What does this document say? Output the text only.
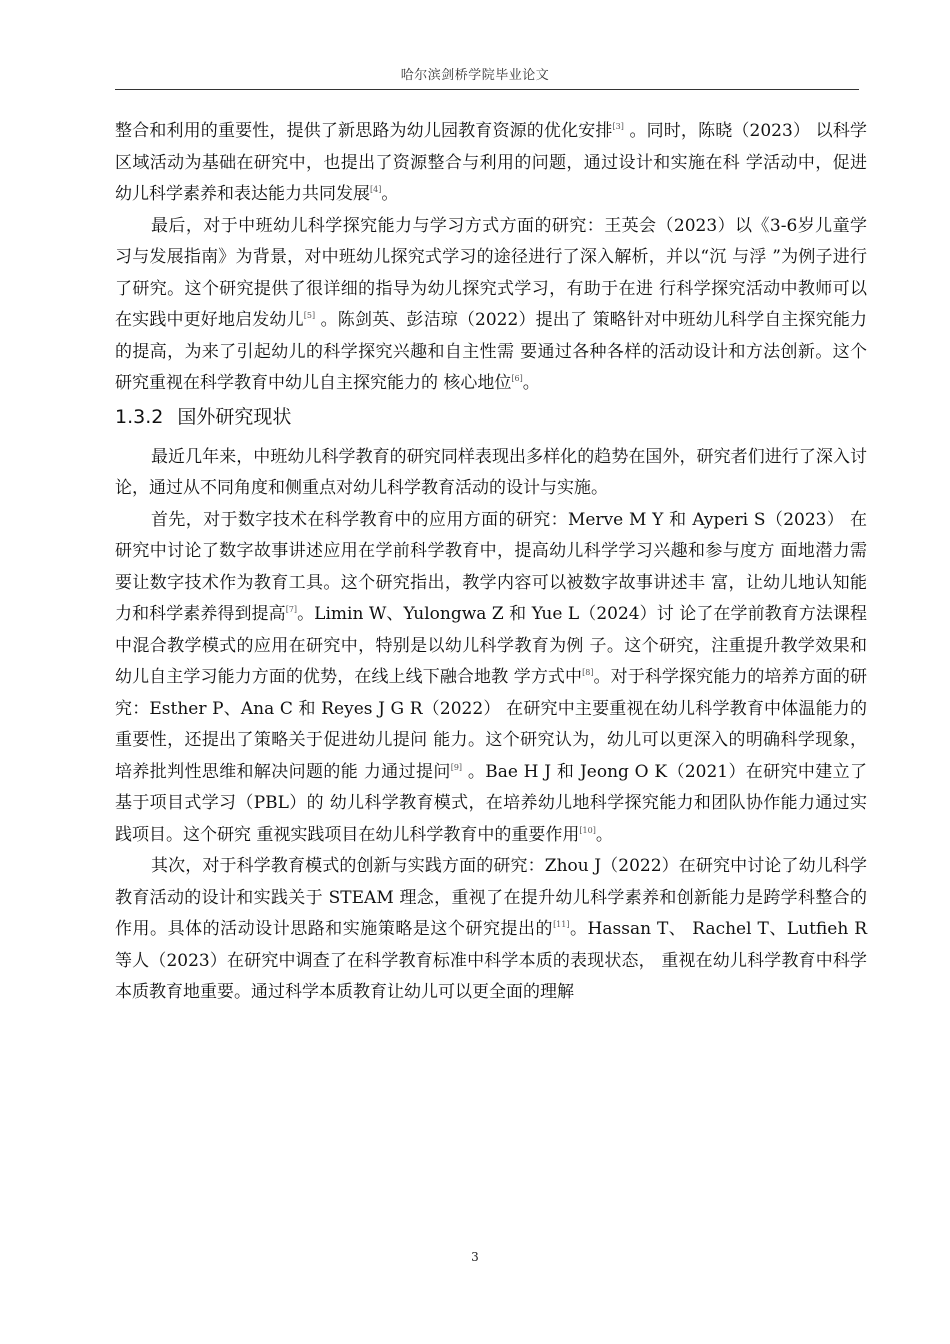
哈尔滨剑桥学院毕业论文

整合和利用的重要性，提供了新思路为幼儿园教育资源的优化安排[3] 。同时，陈晓（2023） 以科学区域活动为基础在研究中，也提出了资源整合与利用的问题，通过设计和实施在科 学活动中，促进幼儿科学素养和表达能力共同发展[4]。

最后，对于中班幼儿科学探究能力与学习方式方面的研究：王英会（2023）以《3-6岁儿童学习与发展指南》为背景，对中班幼儿探究式学习的途径进行了深入解析，并以“沉 与浮 ”为例子进行了研究。这个研究提供了很详细的指导为幼儿探究式学习，有助于在进 行科学探究活动中教师可以在实践中更好地启发幼儿[5] 。陈剑英、彭洁琼（2022）提出了 策略针对中班幼儿科学自主探究能力的提高，为来了引起幼儿的科学探究兴趣和自主性需 要通过各种各样的活动设计和方法创新。这个研究重视在科学教育中幼儿自主探究能力的 核心地位[6]。

1.3.2 国外研究现状

最近几年来，中班幼儿科学教育的研究同样表现出多样化的趋势在国外，研究者们进行了深入讨论，通过从不同角度和侧重点对幼儿科学教育活动的设计与实施。

首先，对于数字技术在科学教育中的应用方面的研究：Merve M Y 和 Ayperi S（2023） 在研究中讨论了数字故事讲述应用在学前科学教育中，提高幼儿科学学习兴趣和参与度方 面地潜力需要让数字技术作为教育工具。这个研究指出，教学内容可以被数字故事讲述丰 富，让幼儿地认知能力和科学素养得到提高[7]。Limin W、Yulongwa Z 和 Yue L（2024）讨 论了在学前教育方法课程中混合教学模式的应用在研究中，特别是以幼儿科学教育为例 子。这个研究，注重提升教学效果和幼儿自主学习能力方面的优势，在线上线下融合地教 学方式中[8]。对于科学探究能力的培养方面的研究：Esther P、Ana C 和 Reyes J G R（2022） 在研究中主要重视在幼儿科学教育中体温能力的重要性，还提出了策略关于促进幼儿提问 能力。这个研究认为，幼儿可以更深入的明确科学现象，培养批判性思维和解决问题的能 力通过提问[9] 。Bae H J 和 Jeong O K（2021）在研究中建立了基于项目式学习（PBL）的 幼儿科学教育模式，在培养幼儿地科学探究能力和团队协作能力通过实践项目。这个研究 重视实践项目在幼儿科学教育中的重要作用[10]。

其次，对于科学教育模式的创新与实践方面的研究：Zhou J（2022）在研究中讨论了幼儿科学教育活动的设计和实践关于 STEAM 理念，重视了在提升幼儿科学素养和创新能力是跨学科整合的作用。具体的活动设计思路和实施策略是这个研究提出的[11]。Hassan T、 Rachel T、Lutfieh R 等人（2023）在研究中调查了在科学教育标准中科学本质的表现状态， 重视在幼儿科学教育中科学本质教育地重要。通过科学本质教育让幼儿可以更全面的理解

3
